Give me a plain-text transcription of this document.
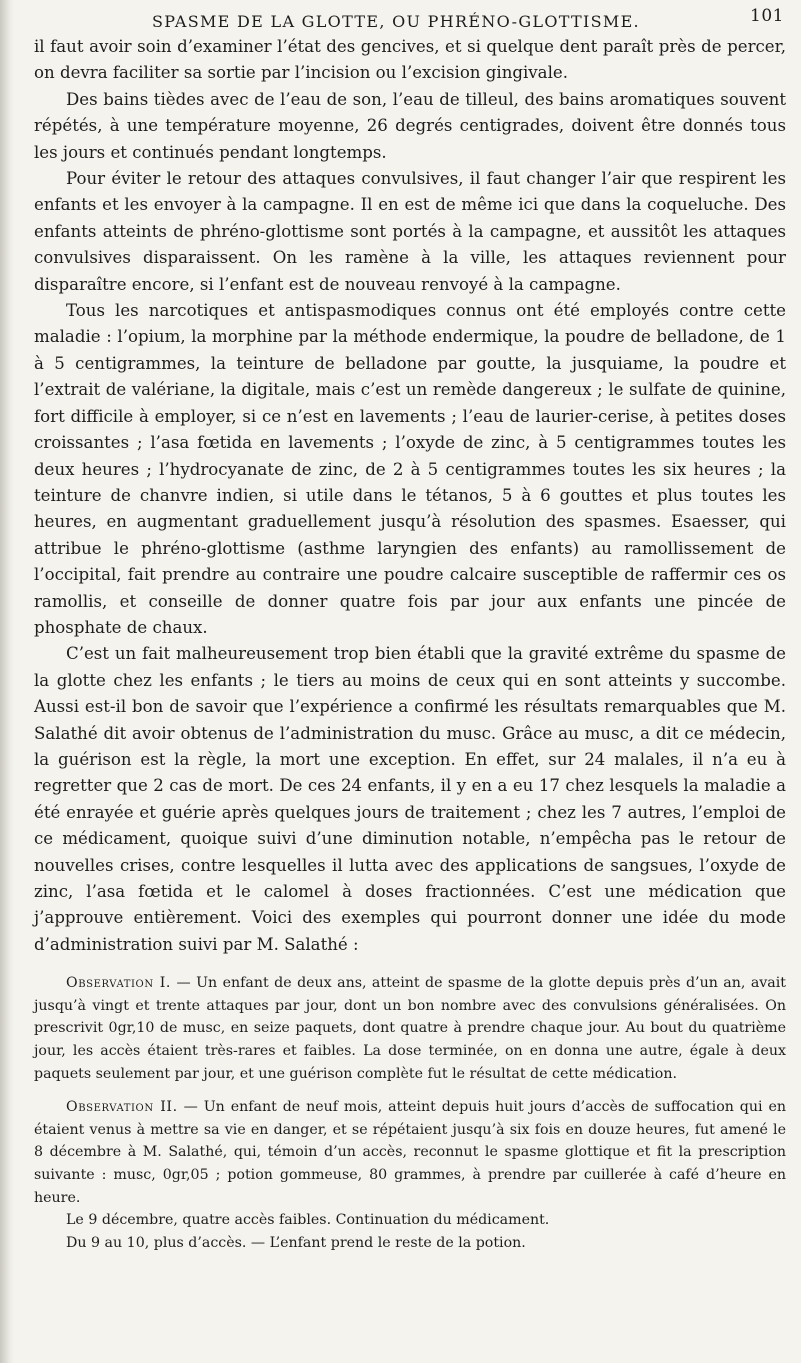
SPASME DE LA GLOTTE, OU PHRÉNO-GLOTTISME.	101

il faut avoir soin d’examiner l’état des gencives, et si quelque dent paraît près de percer, on devra faciliter sa sortie par l’incision ou l’excision gingivale.

Des bains tièdes avec de l’eau de son, l’eau de tilleul, des bains aromatiques souvent répétés, à une température moyenne, 26 degrés centigrades, doivent être donnés tous les jours et continués pendant longtemps.

Pour éviter le retour des attaques convulsives, il faut changer l’air que respirent les enfants et les envoyer à la campagne. Il en est de même ici que dans la coqueluche. Des enfants atteints de phréno-glottisme sont portés à la campagne, et aussitôt les attaques convulsives disparaissent. On les ramène à la ville, les attaques reviennent pour disparaître encore, si l’enfant est de nouveau renvoyé à la campagne.

Tous les narcotiques et antispasmodiques connus ont été employés contre cette maladie : l’opium, la morphine par la méthode endermique, la poudre de belladone, de 1 à 5 centigrammes, la teinture de belladone par goutte, la jusquiame, la poudre et l’extrait de valériane, la digitale, mais c’est un remède dangereux ; le sulfate de quinine, fort difficile à employer, si ce n’est en lavements ; l’eau de laurier-cerise, à petites doses croissantes ; l’asa fœtida en lavements ; l’oxyde de zinc, à 5 centigrammes toutes les deux heures ; l’hydrocyanate de zinc, de 2 à 5 centigrammes toutes les six heures ; la teinture de chanvre indien, si utile dans le tétanos, 5 à 6 gouttes et plus toutes les heures, en augmentant graduellement jusqu’à résolution des spasmes. Esaesser, qui attribue le phréno-glottisme (asthme laryngien des enfants) au ramollissement de l’occipital, fait prendre au contraire une poudre calcaire susceptible de raffermir ces os ramollis, et conseille de donner quatre fois par jour aux enfants une pincée de phosphate de chaux.

C’est un fait malheureusement trop bien établi que la gravité extrême du spasme de la glotte chez les enfants ; le tiers au moins de ceux qui en sont atteints y succombe. Aussi est-il bon de savoir que l’expérience a confirmé les résultats remarquables que M. Salathé dit avoir obtenus de l’administration du musc. Grâce au musc, a dit ce médecin, la guérison est la règle, la mort une exception. En effet, sur 24 malales, il n’a eu à regretter que 2 cas de mort. De ces 24 enfants, il y en a eu 17 chez lesquels la maladie a été enrayée et guérie après quelques jours de traitement ; chez les 7 autres, l’emploi de ce médicament, quoique suivi d’une diminution notable, n’empêcha pas le retour de nouvelles crises, contre lesquelles il lutta avec des applications de sangsues, l’oxyde de zinc, l’asa fœtida et le calomel à doses fractionnées. C’est une médication que j’approuve entièrement. Voici des exemples qui pourront donner une idée du mode d’administration suivi par M. Salathé :

Observation I. — Un enfant de deux ans, atteint de spasme de la glotte depuis près d’un an, avait jusqu’à vingt et trente attaques par jour, dont un bon nombre avec des convulsions généralisées. On prescrivit 0gr,10 de musc, en seize paquets, dont quatre à prendre chaque jour. Au bout du quatrième jour, les accès étaient très-rares et faibles. La dose terminée, on en donna une autre, égale à deux paquets seulement par jour, et une guérison complète fut le résultat de cette médication.

Observation II. — Un enfant de neuf mois, atteint depuis huit jours d’accès de suffocation qui en étaient venus à mettre sa vie en danger, et se répétaient jusqu’à six fois en douze heures, fut amené le 8 décembre à M. Salathé, qui, témoin d’un accès, reconnut le spasme glottique et fit la prescription suivante : musc, 0gr,05 ; potion gommeuse, 80 grammes, à prendre par cuillerée à café d’heure en heure.

Le 9 décembre, quatre accès faibles. Continuation du médicament.

Du 9 au 10, plus d’accès. — L’enfant prend le reste de la potion.
